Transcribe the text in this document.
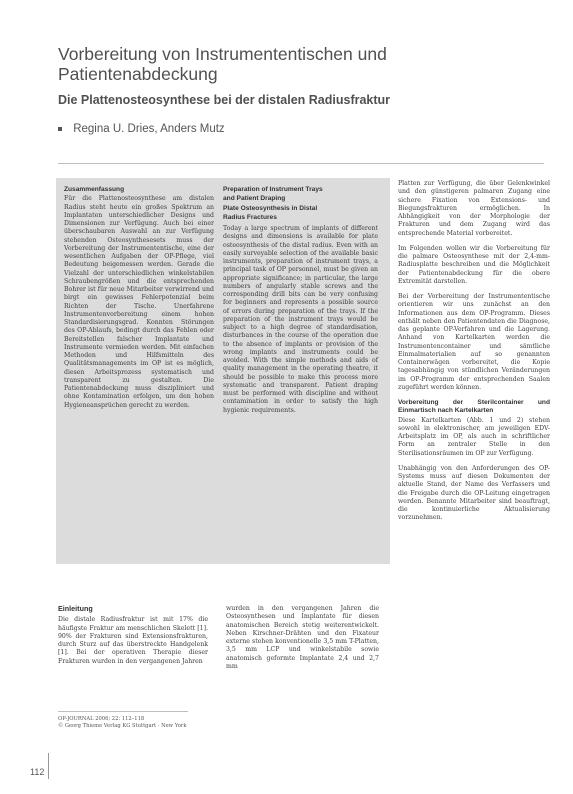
Vorbereitung von Instrumententischen und Patientenabdeckung
Die Plattenosteosynthese bei der distalen Radiusfraktur
Regina U. Dries, Anders Mutz
Zusammenfassung

Für die Plattenosteosynthese am distalen Radius steht heute ein großes Spektrum an Implantaten unterschiedlicher Designs und Dimensionen zur Verfügung. Auch bei einer überschaubaren Auswahl an zur Verfügung stehenden Osteosynthesesets muss der Vorbereitung der Instrumententische, eine der wesentlichen Aufgaben der OP-Pflege, viel Bedeutung beigemessen werden. Gerade die Vielzahl der unterschiedlichen winkelstabilen Schraubengrößen und die entsprechenden Bohrer ist für neue Mitarbeiter verwirrend und birgt ein gewisses Fehlerpotenzial beim Richten der Tische. Unerfahrene Instrumentenvorbereitung einem hohen Standardisierungsgrad. Konnten Störungen des OP-Ablaufs, bedingt durch das Fehlen oder Bereitstellen falscher Implantate und Instrumente vermieden werden. Mit einfachen Methoden und Hilfsmitteln des Qualitätsmanagements im OP ist es möglich, diesen Arbeitsprozess systematisch und transparent zu gestalten. Die Patientenabdeckung muss diszipliniert und ohne Kontamination erfolgen, um den hohen Hygieneansprüchen gerecht zu werden.

Preparation of Instrument Trays
and Patient Draping
Plate Osteosynthesis in Distal
Radius Fractures

Today a large spectrum of implants of different designs and dimensions is available for plate osteosynthesis of the distal radius. Even with an easily surveyable selection of the available basic instruments, preparation of instrument trays, a principal task of OP personnel, must be given an appropriate significance; in particular, the large numbers of angularly stable screws and the corresponding drill bits can be very confusing for beginners and represents a possible source of errors during preparation of the trays. If the preparation of the instrument trays would be subject to a high degree of standardisation, disturbances in the course of the operation due to the absence of implants or provision of the wrong implants and instruments could be avoided. With the simple methods and aids of quality management in the operating theatre, it should be possible to make this process more systematic and transparent. Patient draping must be performed with discipline and without contamination in order to satisfy the high hygienic requirements.

Platten zur Verfügung, die über Gelenkwinkel und den günstigeren palmaren Zugang eine sichere Fixation von Extensions- und Biegungsfrakturen ermöglichen. In Abhängigkeit von der Morphologie der Frakturen und dem Zugang wird das entsprechende Material vorbereitet.

Im Folgenden wollen wir die Vorbereitung für die palmare Osteosynthese mit der 2,4-mm-Radiusplatte beschreiben und die Möglichkeit der Patientenabdeckung für die obere Extremität darstellen.

Bei der Vorbereitung der Instrumententische orientieren wir uns zunächst an den Informationen aus dem OP-Programm. Dieses enthält neben den Patientendaten die Diagnose, das geplante OP-Verfahren und die Lagerung. Anhand von Kartelkarten werden die Instrumentencontainer und sämtliche Einmalmaterialien auf so genannten Containerwägen vorbereitet, die Kopie tagesabhängig von stündlichen Veränderungen im OP-Programm der entsprechenden Saalen zugeführt werden können.

Vorbereitung der Sterilcontainer und Einmartisch nach Kartelkarten

Diese Kartelkarten (Abb. 1 und 2) stehen sowohl in elektronischer, am jeweiligen EDV-Arbeitsplatz im OP, als auch in schriftlicher Form an zentraler Stelle in den Sterilisationsräumen im OP zur Verfügung.

Unabhängig von den Anforderungen des OP-Systems muss auf diesen Dokumenten der aktuelle Stand, der Name des Verfassers und die Freigabe durch die OP-Leitung eingetragen werden. Benannte Mitarbeiter sind beauftragt, die kontinuierliche Aktualisierung vorzunehmen.

Einleitung

Die distale Radiusfraktur ist mit 17% die häufigste Fraktur am menschlichen Skelett [1]. 90% der Frakturen sind Extensionsfrakturen, durch Sturz auf das überstreckte Handgelenk [1]. Bei der operativen Therapie dieser Frakturen wurden in den vergangenen Jahren

wurden in den vergangenen Jahren die Osteosynthesen und Implantate für diesen anatomischen Bereich stetig weiterentwickelt. Neben Kirschner-Drähten und den Fixateur externe stehen konventionelle 3,5 mm T-Platten, 3,5 mm LCP und winkelstabile sowie anatomisch geformte Implantate 2,4 und 2,7 mm

OP-JOURNAL 2006; 22: 112–118
© Georg Thieme Verlag KG Stuttgart · New York
112
